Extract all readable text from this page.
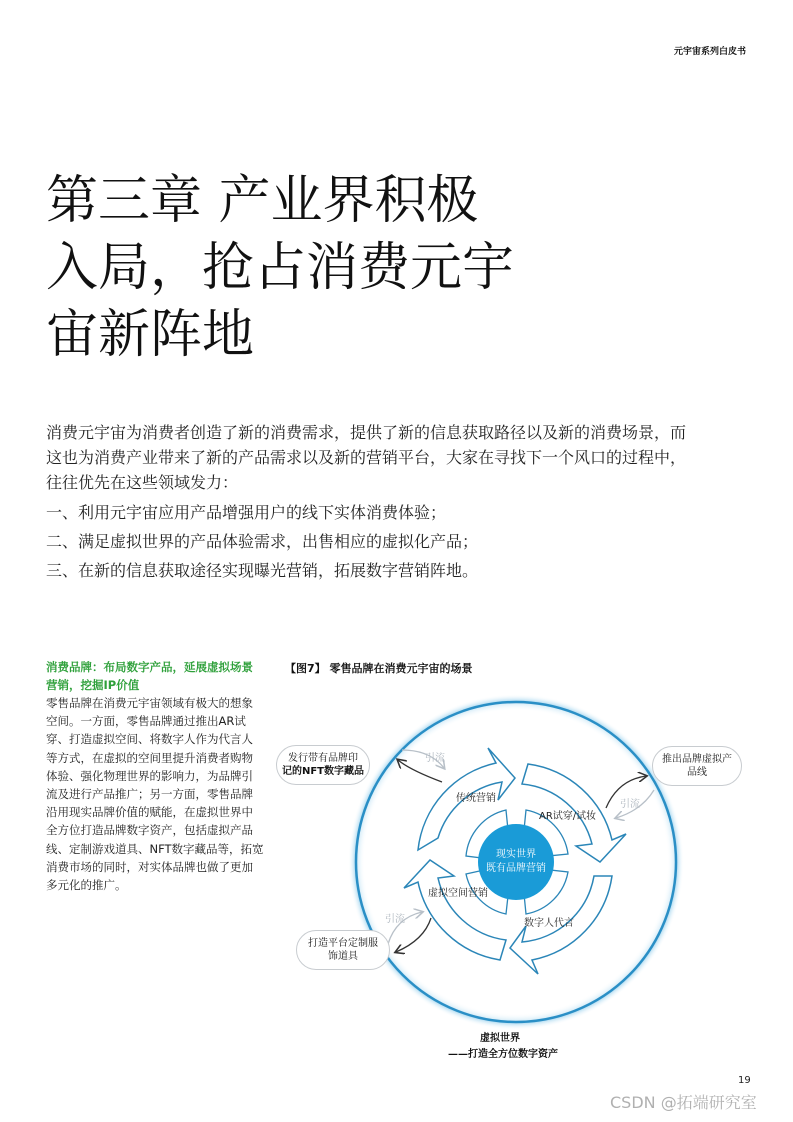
元宇宙系列白皮书
第三章 产业界积极
入局，抢占消费元宇
宙新阵地

消费元宇宙为消费者创造了新的消费需求，提供了新的信息获取路径以及新的消费场景，而

这也为消费产业带来了新的产品需求以及新的营销平台，大家在寻找下一个风口的过程中，

往往优先在这些领域发力：

一、利用元宇宙应用产品增强用户的线下实体消费体验；

二、满足虚拟世界的产品体验需求，出售相应的虚拟化产品；

三、在新的信息获取途径实现曝光营销，拓展数字营销阵地。

消费品牌：布局数字产品，延展虚拟场景营销，挖掘IP价值

零售品牌在消费元宇宙领域有极大的想象空间。一方面，零售品牌通过推出AR试穿、打造虚拟空间、将数字人作为代言人等方式，在虚拟的空间里提升消费者购物体验、强化物理世界的影响力，为品牌引流及进行产品推广；另一方面，零售品牌沿用现实品牌价值的赋能，在虚拟世界中全方位打造品牌数字资产，包括虚拟产品线、定制游戏道具、NFT数字藏品等，拓宽消费市场的同时，对实体品牌也做了更加多元化的推广。

【图7】 零售品牌在消费元宇宙的场景
发行带有品牌印
记的NFT数字藏品
推出品牌虚拟产
品线
打造平台定制服
饰道具
引流
引流
引流
传统营销
AR试穿/试妆
数字人代言
虚拟空间营销
现实世界
既有品牌营销

虚拟世界

——打造全方位数字资产

19
CSDN @拓端研究室
